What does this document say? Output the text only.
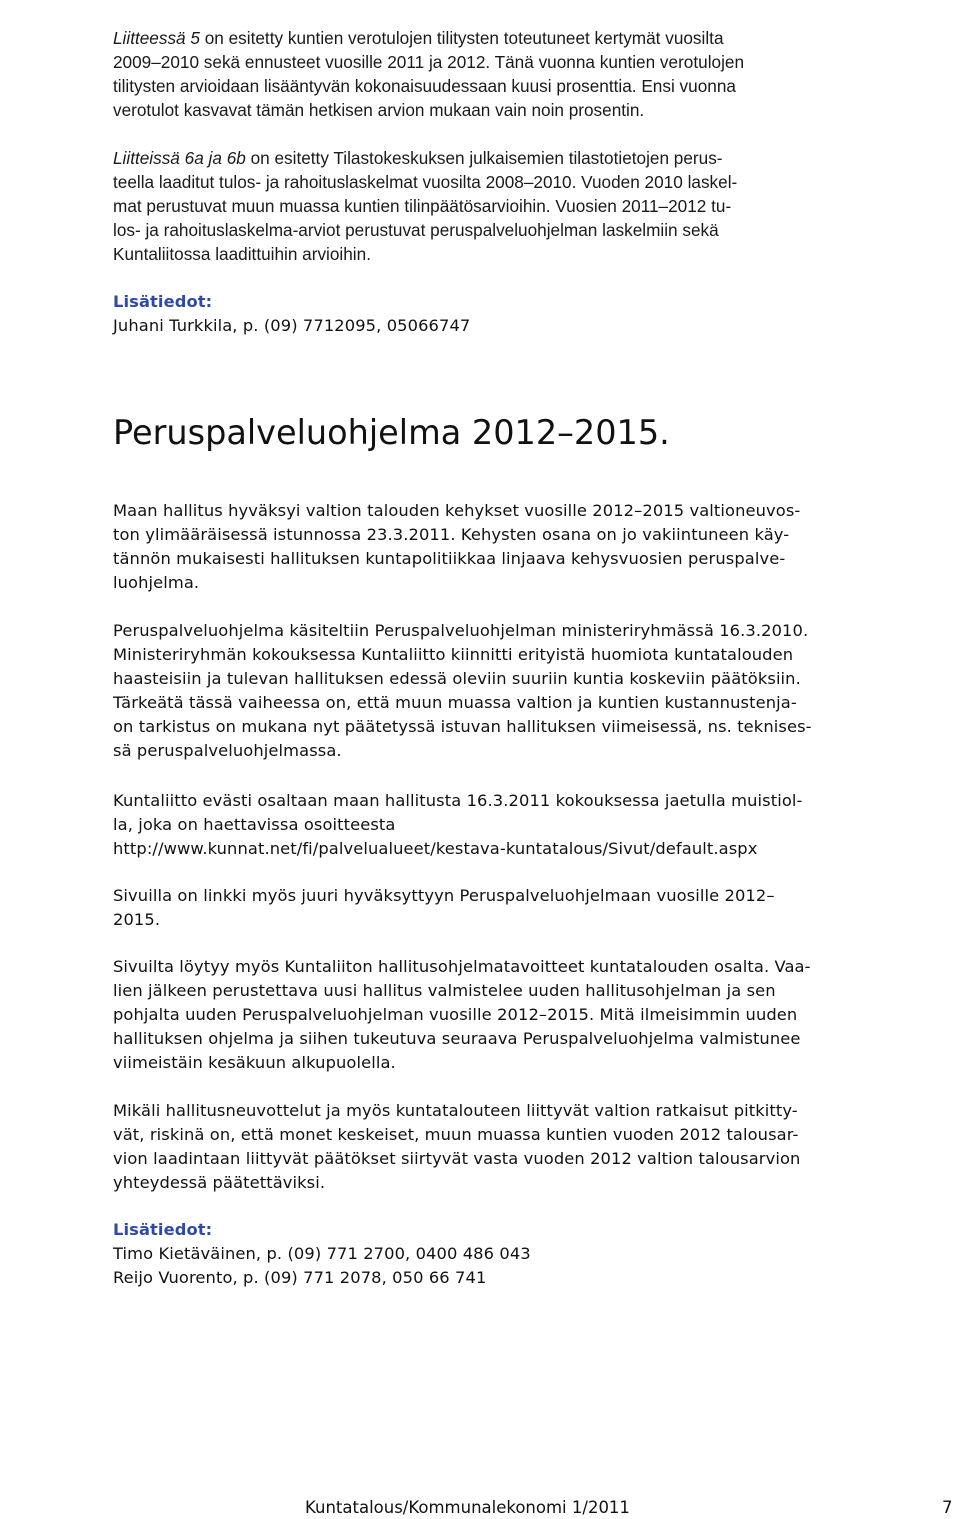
Liitteessä 5 on esitetty kuntien verotulojen tilitysten toteutuneet kertymät vuosilta
2009–2010 sekä ennusteet vuosille 2011 ja 2012. Tänä vuonna kuntien verotulojen
tilitysten arvioidaan lisääntyvän kokonaisuudessaan kuusi prosenttia. Ensi vuonna
verotulot kasvavat tämän hetkisen arvion mukaan vain noin prosentin.
Liitteissä 6a ja 6b on esitetty Tilastokeskuksen julkaisemien tilastotietojen perus-
teella laaditut tulos- ja rahoituslaskelmat vuosilta 2008–2010. Vuoden 2010 laskel-
mat perustuvat muun muassa kuntien tilinpäätösarvioihin. Vuosien 2011–2012 tu-
los- ja rahoituslaskelma-arviot perustuvat peruspalveluohjelman laskelmiin sekä
Kuntaliitossa laadittuihin arvioihin.
Lisätiedot:
Juhani Turkkila, p. (09) 7712095, 05066747
Peruspalveluohjelma 2012–2015.
Maan hallitus hyväksyi valtion talouden kehykset vuosille 2012–2015 valtioneuvos-
ton ylimääräisessä istunnossa 23.3.2011. Kehysten osana on jo vakiintuneen käy-
tännön mukaisesti hallituksen kuntapolitiikkaa linjaava kehysvuosien peruspalve-
luohjelma.
Peruspalveluohjelma käsiteltiin Peruspalveluohjelman ministeriryhmässä 16.3.2010.
Ministeriryhmän kokouksessa Kuntaliitto kiinnitti erityistä huomiota kuntatalouden
haasteisiin ja tulevan hallituksen edessä oleviin suuriin kuntia koskeviin päätöksiin.
Tärkeätä tässä vaiheessa on, että muun muassa valtion ja kuntien kustannustenja-
on tarkistus on mukana nyt päätetyssä istuvan hallituksen viimeisessä, ns. teknises-
sä peruspalveluohjelmassa.
Kuntaliitto evästi osaltaan maan hallitusta 16.3.2011 kokouksessa jaetulla muistiol-
la, joka on haettavissa osoitteesta
http://www.kunnat.net/fi/palvelualueet/kestava-kuntatalous/Sivut/default.aspx
Sivuilla on linkki myös juuri hyväksyttyyn Peruspalveluohjelmaan vuosille 2012–
2015.
Sivuilta löytyy myös Kuntaliiton hallitusohjelmatavoitteet kuntatalouden osalta. Vaa-
lien jälkeen perustettava uusi hallitus valmistelee uuden hallitusohjelman ja sen
pohjalta uuden Peruspalveluohjelman vuosille 2012–2015. Mitä ilmeisimmin uuden
hallituksen ohjelma ja siihen tukeutuva seuraava Peruspalveluohjelma valmistunee
viimeistäin kesäkuun alkupuolella.
Mikäli hallitusneuvottelut ja myös kuntatalouteen liittyvät valtion ratkaisut pitkitty-
vät, riskinä on, että monet keskeiset, muun muassa kuntien vuoden 2012 talousar-
vion laadintaan liittyvät päätökset siirtyvät vasta vuoden 2012 valtion talousarvion
yhteydessä päätettäviksi.
Lisätiedot:
Timo Kietäväinen, p. (09) 771 2700, 0400 486 043
Reijo Vuorento, p. (09) 771 2078, 050 66 741
Kuntatalous/Kommunalekonomi 1/2011	7
